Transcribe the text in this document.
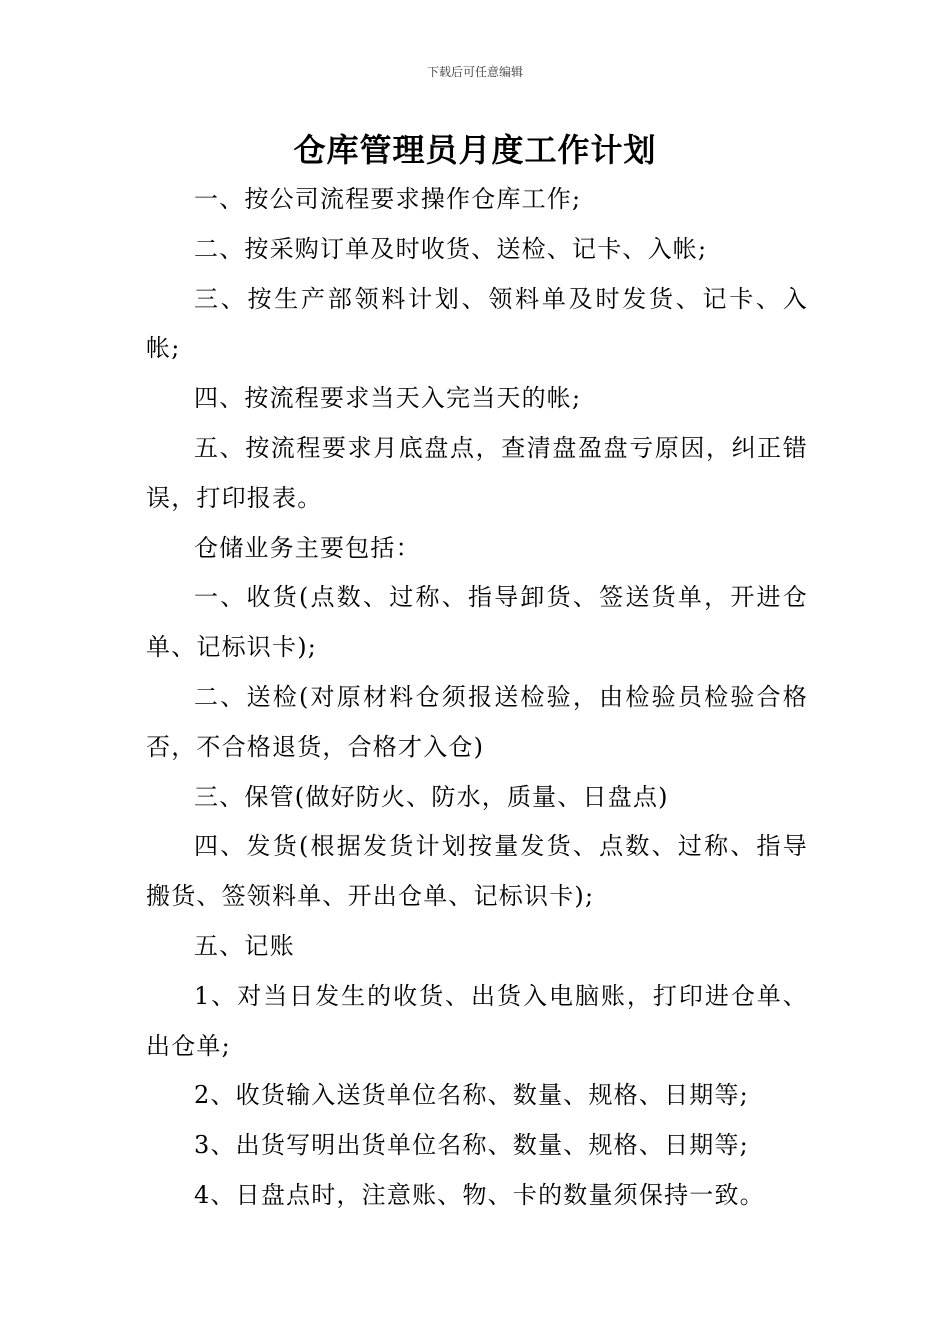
下载后可任意编辑
仓库管理员月度工作计划

一、按公司流程要求操作仓库工作;

二、按采购订单及时收货、送检、记卡、入帐;

三、按生产部领料计划、领料单及时发货、记卡、入帐;

四、按流程要求当天入完当天的帐;

五、按流程要求月底盘点，查清盘盈盘亏原因，纠正错误，打印报表。

仓储业务主要包括：

一、收货(点数、过称、指导卸货、签送货单，开进仓单、记标识卡);

二、送检(对原材料仓须报送检验，由检验员检验合格否，不合格退货，合格才入仓)

三、保管(做好防火、防水，质量、日盘点)

四、发货(根据发货计划按量发货、点数、过称、指导搬货、签领料单、开出仓单、记标识卡);

五、记账

1、对当日发生的收货、出货入电脑账，打印进仓单、出仓单;

2、收货输入送货单位名称、数量、规格、日期等;

3、出货写明出货单位名称、数量、规格、日期等;

4、日盘点时，注意账、物、卡的数量须保持一致。
